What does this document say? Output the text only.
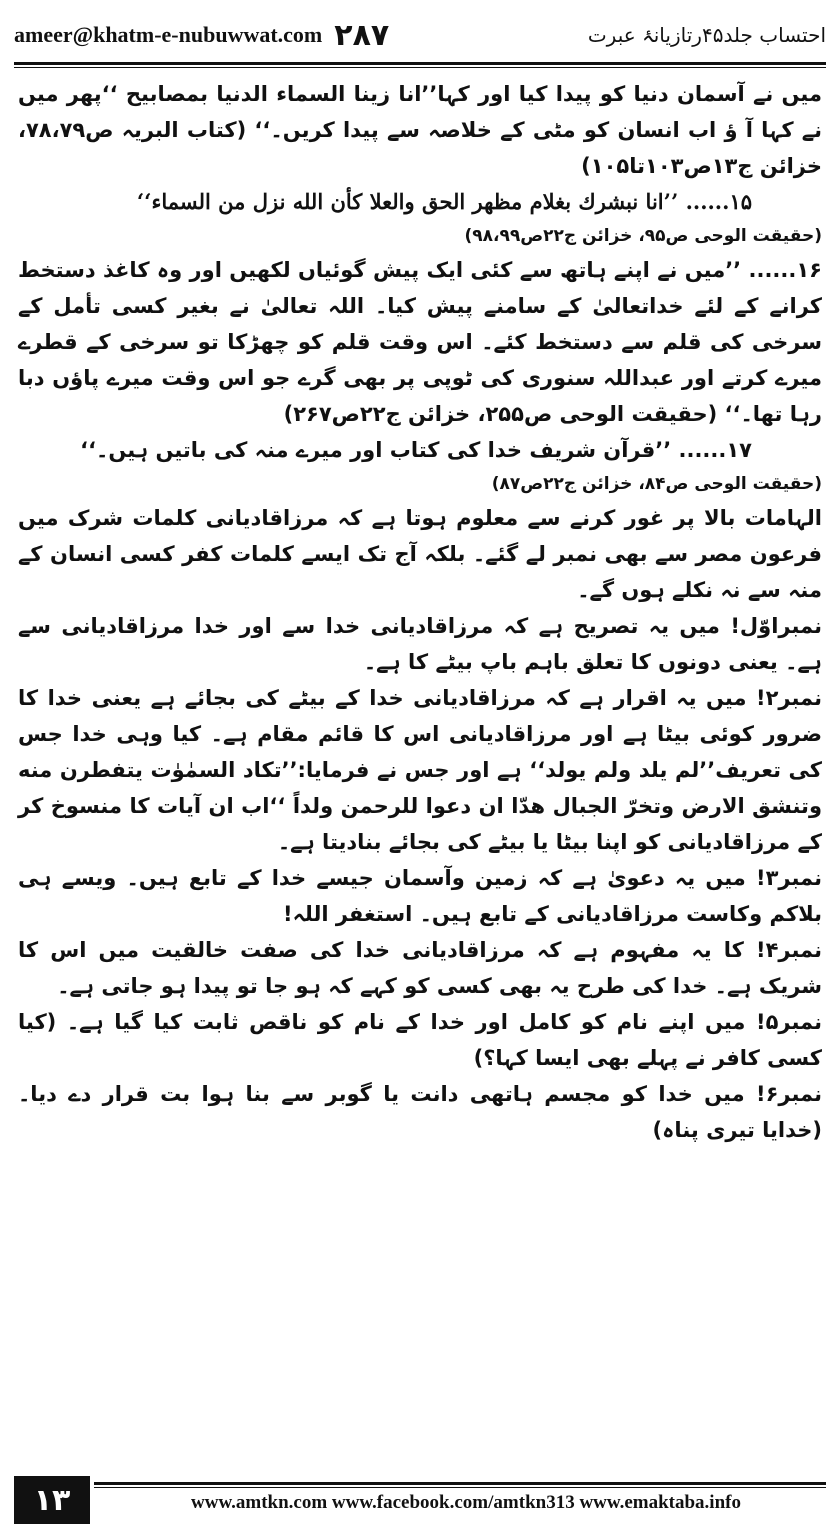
ameer@khatm-e-nubuwwat.com ۲۸۷	احتساب جلد۴۵رتازیانۂ عبرت

میں نے آسمان دنیا کو پیدا کیا اور کہا’’انا زینا السماء الدنیا بمصابیح ‘‘پھر میں نے کہا آ ؤ اب انسان کو مٹی کے خلاصہ سے پیدا کریں۔‘‘ (کتاب البریہ ص۷۸،۷۹، خزائن ج۱۳ص۱۰۳تا۱۰۵)

۱۵...... ’’انا نبشرك بغلام مظهر الحق والعلا كأن الله نزل من السماء‘‘

(حقیقت الوحی ص۹۵، خزائن ج۲۲ص۹۸،۹۹)

۱۶...... ’’میں نے اپنے ہاتھ سے کئی ایک پیش گوئیاں لکھیں اور وہ کاغذ دستخط کرانے کے لئے خداتعالیٰ کے سامنے پیش کیا۔ اللہ تعالیٰ نے بغیر کسی تأمل کے سرخی کی قلم سے دستخط کئے۔ اس وقت قلم کو چھڑکا تو سرخی کے قطرے میرے کرتے اور عبداللہ سنوری کی ٹوپی پر بھی گرے جو اس وقت میرے پاؤں دبا رہا تھا۔‘‘ (حقیقت الوحی ص۲۵۵، خزائن ج۲۲ص۲۶۷)

۱۷...... ’’قرآن شریف خدا کی کتاب اور میرے منہ کی باتیں ہیں۔‘‘

(حقیقت الوحی ص۸۴، خزائن ج۲۲ص۸۷)

الہامات بالا پر غور کرنے سے معلوم ہوتا ہے کہ مرزاقادیانی کلمات شرک میں فرعون مصر سے بھی نمبر لے گئے۔ بلکہ آج تک ایسے کلمات کفر کسی انسان کے منہ سے نہ نکلے ہوں گے۔

نمبراوّل! میں یہ تصریح ہے کہ مرزاقادیانی خدا سے اور خدا مرزاقادیانی سے ہے۔ یعنی دونوں کا تعلق باہم باپ بیٹے کا ہے۔

نمبر۲! میں یہ اقرار ہے کہ مرزاقادیانی خدا کے بیٹے کی بجائے ہے یعنی خدا کا ضرور کوئی بیٹا ہے اور مرزاقادیانی اس کا قائم مقام ہے۔ کیا وہی خدا جس کی تعریف’’لم یلد ولم یولد‘‘ ہے اور جس نے فرمایا:’’تکاد السمٰوٰت یتفطرن منه وتنشق الارض وتخرّ الجبال هدّا ان دعوا للرحمن ولداً ‘‘اب ان آیات کا منسوخ کر کے مرزاقادیانی کو اپنا بیٹا یا بیٹے کی بجائے بنادیتا ہے۔

نمبر۳! میں یہ دعویٰ ہے کہ زمین وآسمان جیسے خدا کے تابع ہیں۔ ویسے ہی بلاکم وکاست مرزاقادیانی کے تابع ہیں۔ استغفر اللہ!

نمبر۴! کا یہ مفہوم ہے کہ مرزاقادیانی خدا کی صفت خالقیت میں اس کا شریک ہے۔ خدا کی طرح یہ بھی کسی کو کہے کہ ہو جا تو پیدا ہو جاتی ہے۔

نمبر۵! میں اپنے نام کو کامل اور خدا کے نام کو ناقص ثابت کیا گیا ہے۔ (کیا کسی کافر نے پہلے بھی ایسا کہا؟)

نمبر۶! میں خدا کو مجسم ہاتھی دانت یا گوبر سے بنا ہوا بت قرار دے دیا۔ (خدایا تیری پناہ)

۱۳	www.amtkn.com www.facebook.com/amtkn313 www.emaktaba.info
